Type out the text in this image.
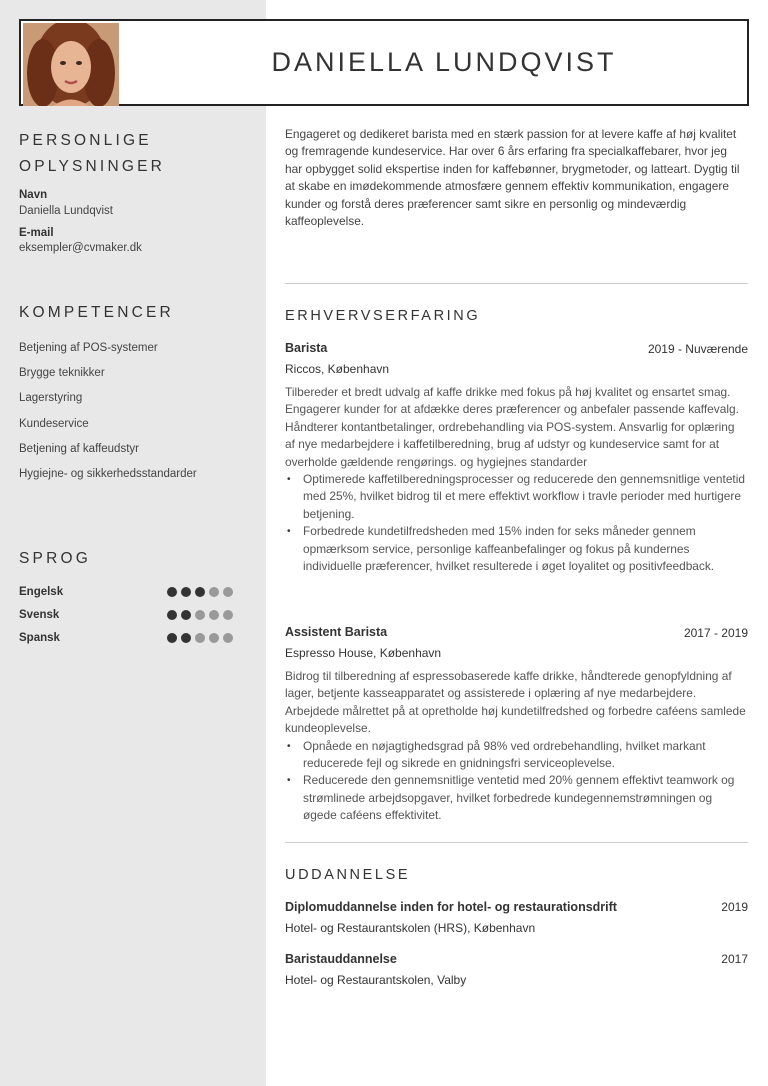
DANIELLA LUNDQVIST
PERSONLIGE
OPLYSNINGER
Navn
Daniella Lundqvist
E-mail
eksempler@cvmaker.dk
KOMPETENCER
Betjening af POS-systemer
Brygge teknikker
Lagerstyring
Kundeservice
Betjening af kaffeudstyr
Hygiejne- og sikkerhedsstandarder
SPROG
Engelsk
Svensk
Spansk
Engageret og dedikeret barista med en stærk passion for at levere kaffe af høj kvalitet og fremragende kundeservice. Har over 6 års erfaring fra specialkaffebarer, hvor jeg har opbygget solid ekspertise inden for kaffebønner, brygmetoder, og latteart. Dygtig til at skabe en imødekommende atmosfære gennem effektiv kommunikation, engagere kunder og forstå deres præferencer samt sikre en personlig og mindeværdig kaffeoplevelse.
ERHVERVSERFARING
Barista	2019 - Nuværende
Riccos, København
Tilbereder et bredt udvalg af kaffe drikke med fokus på høj kvalitet og ensartet smag. Engagerer kunder for at afdække deres præferencer og anbefaler passende kaffevalg. Håndterer kontantbetalinger, ordrebehandling via POS-system. Ansvarlig for oplæring af nye medarbejdere i kaffetilberedning, brug af udstyr og kundeservice samt for at overholde gældende rengørings. og hygiejnes standarder
• Optimerede kaffetilberedningsprocesser og reducerede den gennemsnitlige ventetid med 25%, hvilket bidrog til et mere effektivt workflow i travle perioder med hurtigere betjening.
• Forbedrede kundetilfredsheden med 15% inden for seks måneder gennem opmærksom service, personlige kaffeanbefalinger og fokus på kundernes individuelle præferencer, hvilket resulterede i øget loyalitet og positivfeedback.
Assistent Barista	2017 - 2019
Espresso House, København
Bidrog til tilberedning af espressobaserede kaffe drikke, håndterede genopfyldning af lager, betjente kasseapparatet og assisterede i oplæring af nye medarbejdere. Arbejdede målrettet på at opretholde høj kundetilfredshed og forbedre caféens samlede kundeoplevelse.
• Opnåede en nøjagtighedsgrad på 98% ved ordrebehandling, hvilket markant reducerede fejl og sikrede en gnidningsfri serviceoplevelse.
• Reducerede den gennemsnitlige ventetid med 20% gennem effektivt teamwork og strømlinede arbejdsopgaver, hvilket forbedrede kundegennemstrømningen og øgede caféens effektivitet.
UDDANNELSE
Diplomuddannelse inden for hotel- og restaurationsdrift	2019
Hotel- og Restaurantskolen (HRS), København
Baristauddannelse	2017
Hotel- og Restaurantskolen, Valby
